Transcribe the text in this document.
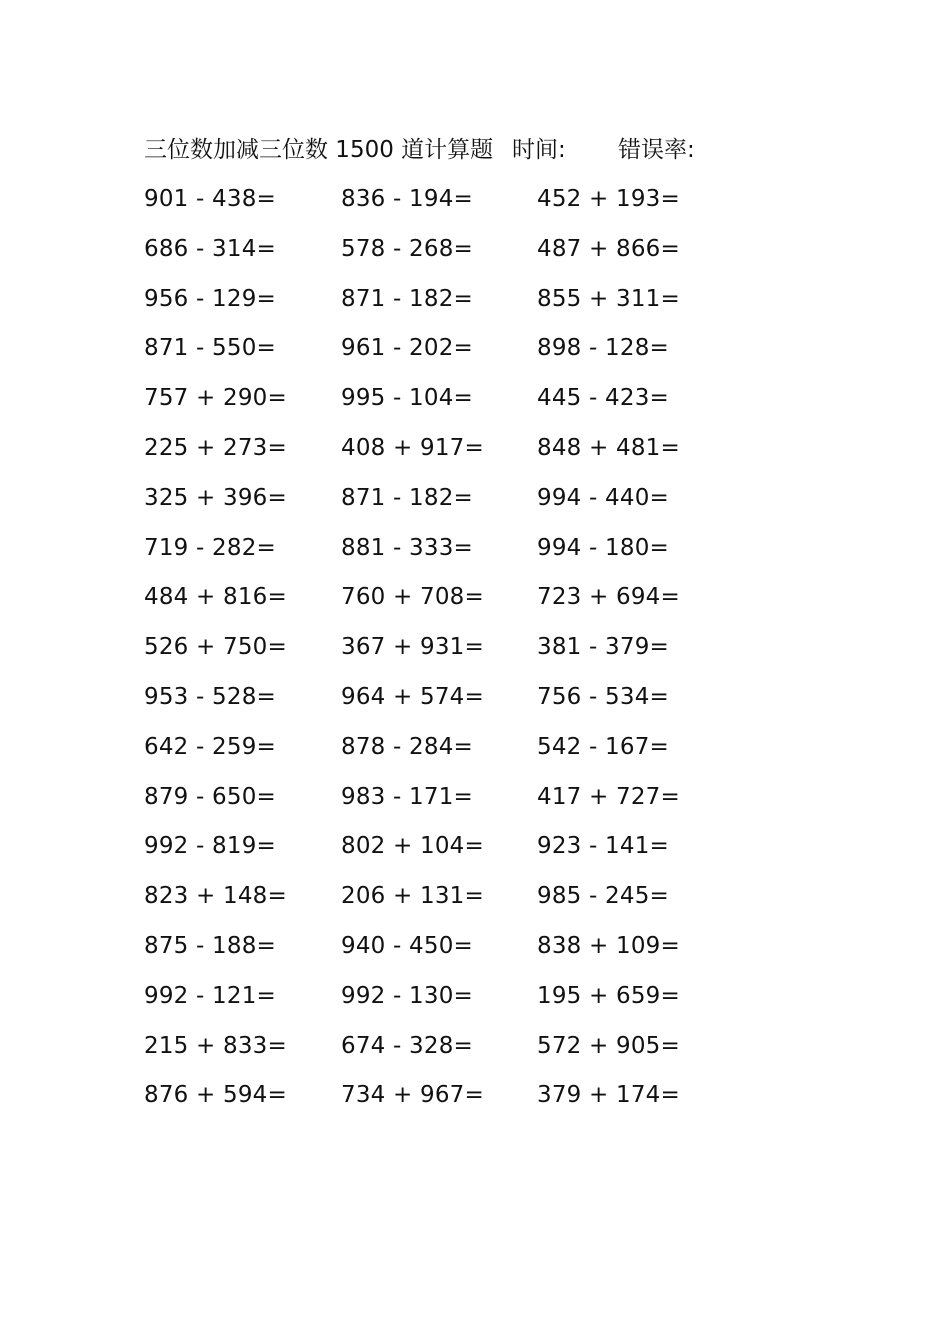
三位数加减三位数 1500 道计算题 时间: 错误率:
901 - 438=	836 - 194=	452 + 193=
686 - 314=	578 - 268=	487 + 866=
956 - 129=	871 - 182=	855 + 311=
871 - 550=	961 - 202=	898 - 128=
757 + 290= 995 - 104=	445 - 423=
225 + 273= 408 + 917= 848 + 481=
325 + 396= 871 - 182=	994 - 440=
719 - 282=	881 - 333=	994 - 180=
484 + 816= 760 + 708= 723 + 694=
526 + 750= 367 + 931= 381 - 379=
953 - 528=	964 + 574= 756 - 534=
642 - 259=	878 - 284=	542 - 167=
879 - 650=	983 - 171=	417 + 727=
992 - 819=	802 + 104= 923 - 141=
823 + 148= 206 + 131= 985 - 245=
875 - 188=	940 - 450=	838 + 109=
992 - 121=	992 - 130=	195 + 659=
215 + 833= 674 - 328=	572 + 905=
876 + 594= 734 + 967= 379 + 174=
